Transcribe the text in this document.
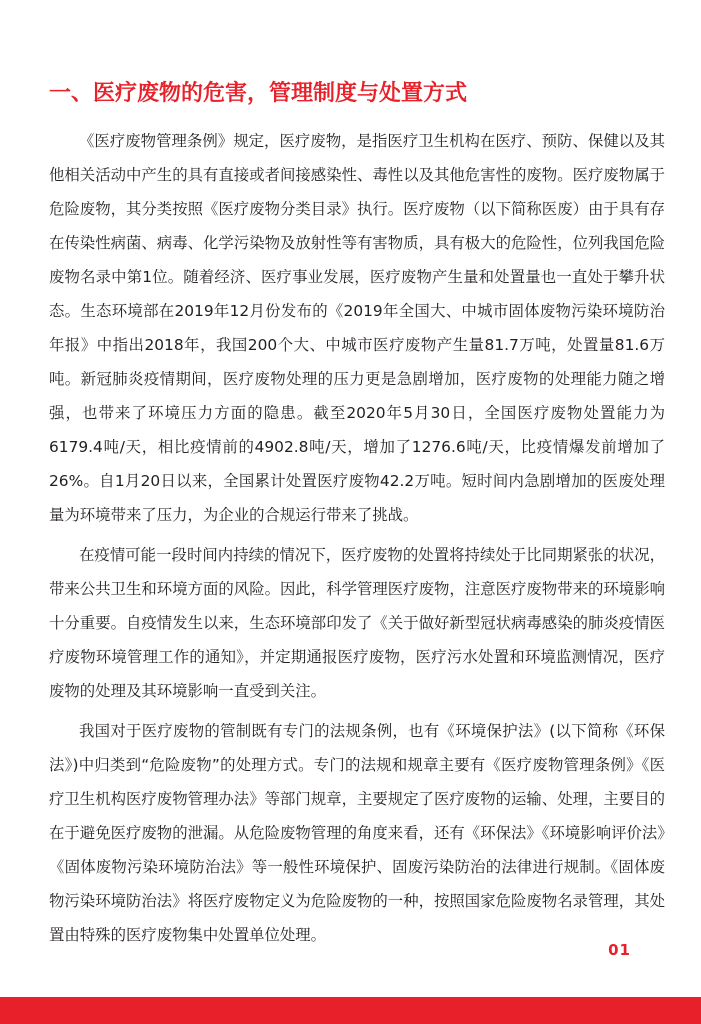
一、医疗废物的危害，管理制度与处置方式

《医疗废物管理条例》规定，医疗废物，是指医疗卫生机构在医疗、预防、保健以及其他相关活动中产生的具有直接或者间接感染性、毒性以及其他危害性的废物。医疗废物属于危险废物，其分类按照《医疗废物分类目录》执行。医疗废物（以下简称医废）由于具有存在传染性病菌、病毒、化学污染物及放射性等有害物质，具有极大的危险性，位列我国危险废物名录中第1位。随着经济、医疗事业发展，医疗废物产生量和处置量也一直处于攀升状态。生态环境部在2019年12月份发布的《2019年全国大、中城市固体废物污染环境防治年报》中指出2018年，我国200个大、中城市医疗废物产生量81.7万吨，处置量81.6万吨。新冠肺炎疫情期间，医疗废物处理的压力更是急剧增加，医疗废物的处理能力随之增强，也带来了环境压力方面的隐患。截至2020年5月30日，全国医疗废物处置能力为6179.4吨/天，相比疫情前的4902.8吨/天，增加了1276.6吨/天，比疫情爆发前增加了26%。自1月20日以来，全国累计处置医疗废物42.2万吨。短时间内急剧增加的医废处理量为环境带来了压力，为企业的合规运行带来了挑战。

在疫情可能一段时间内持续的情况下，医疗废物的处置将持续处于比同期紧张的状况，带来公共卫生和环境方面的风险。因此，科学管理医疗废物，注意医疗废物带来的环境影响十分重要。自疫情发生以来，生态环境部印发了《关于做好新型冠状病毒感染的肺炎疫情医疗废物环境管理工作的通知》，并定期通报医疗废物，医疗污水处置和环境监测情况，医疗废物的处理及其环境影响一直受到关注。

我国对于医疗废物的管制既有专门的法规条例，也有《环境保护法》(以下简称《环保法》)中归类到“危险废物”的处理方式。专门的法规和规章主要有《医疗废物管理条例》《医疗卫生机构医疗废物管理办法》等部门规章，主要规定了医疗废物的运输、处理，主要目的在于避免医疗废物的泄漏。从危险废物管理的角度来看，还有《环保法》《环境影响评价法》《固体废物污染环境防治法》等一般性环境保护、固废污染防治的法律进行规制。《固体废物污染环境防治法》将医疗废物定义为危险废物的一种，按照国家危险废物名录管理，其处置由特殊的医疗废物集中处置单位处理。

01
